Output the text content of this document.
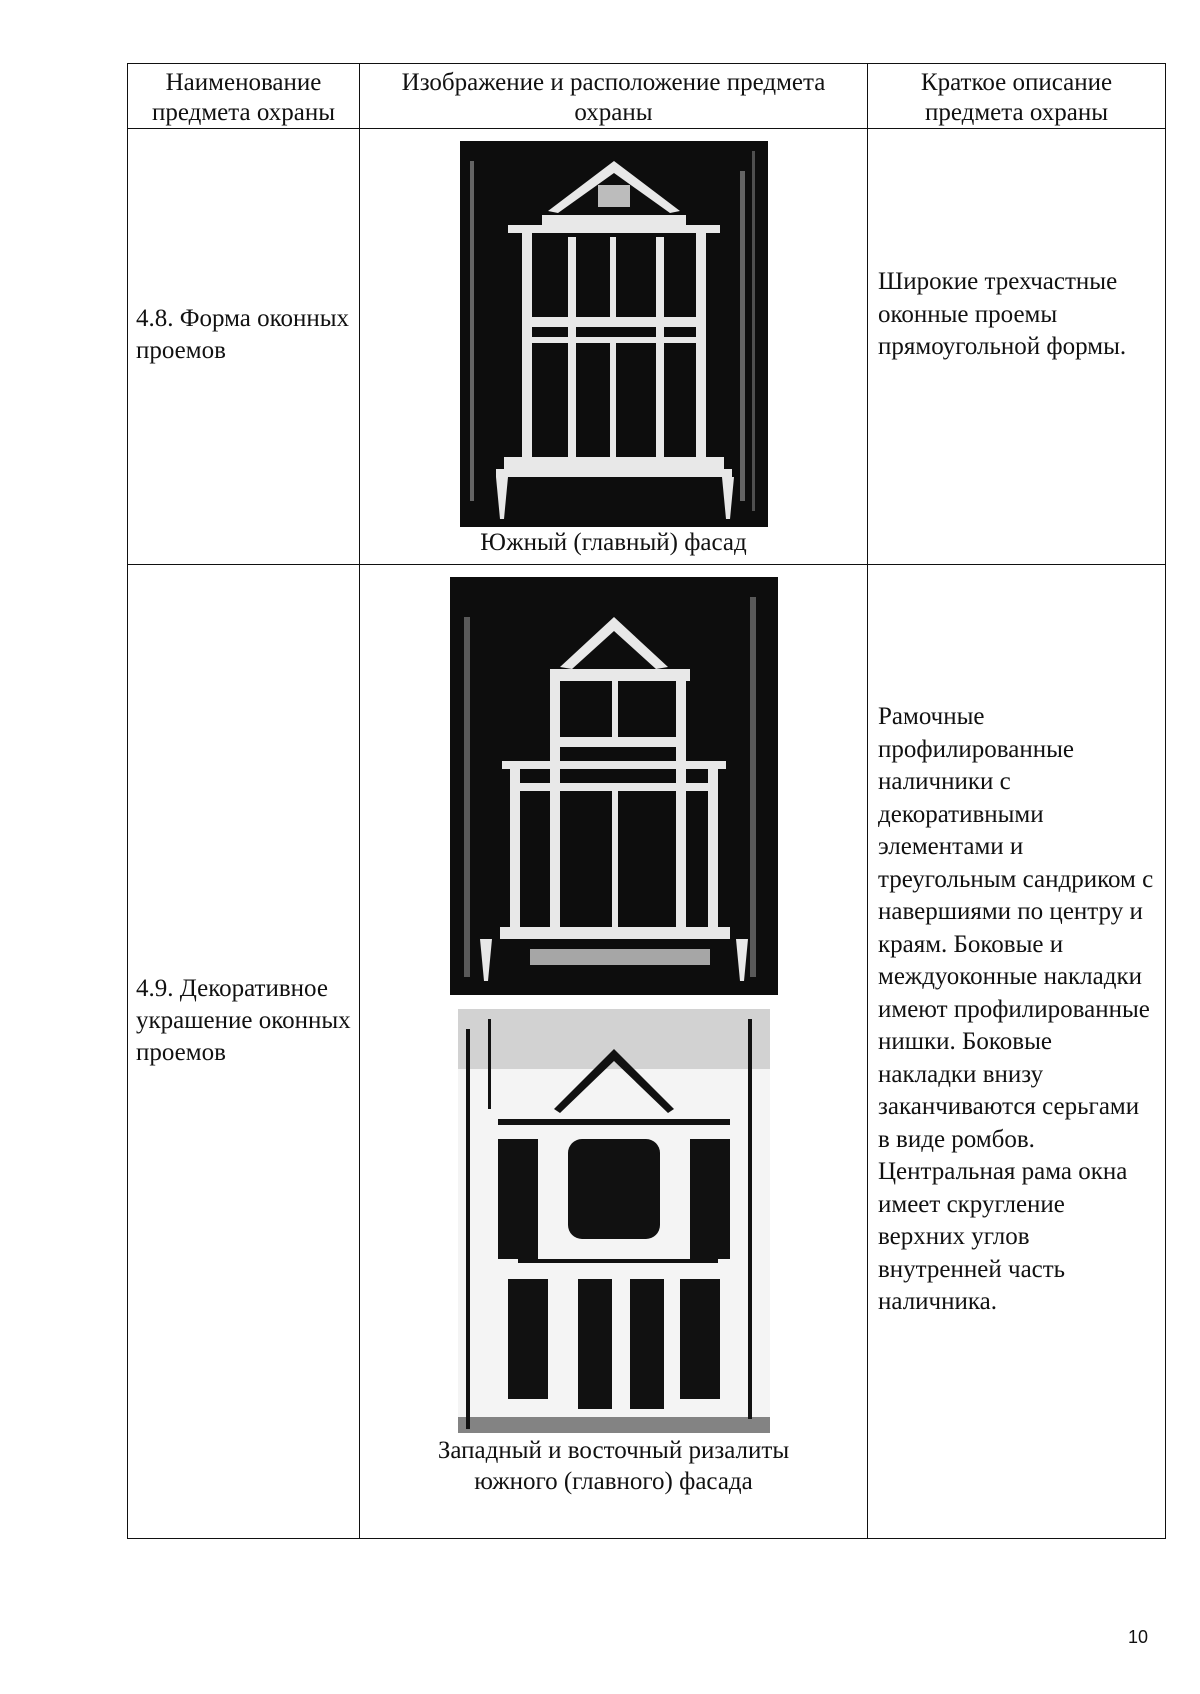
Наименование предмета охраны	Изображение и расположение предмета охраны	Краткое описание предмета охраны

4.8. Форма оконных проемов	Южный (главный) фасад	Широкие трехчастные оконные проемы прямоугольной формы.

4.9. Декоративное украшение оконных проемов	Западный и восточный ризалиты южного (главного) фасада	Рамочные профилированные наличники с декоративными элементами и треугольным сандриком с навершиями по центру и краям. Боковые и междуоконные накладки имеют профилированные нишки. Боковые накладки внизу заканчиваются серьгами в виде ромбов. Центральная рама окна имеет скругление верхних углов внутренней часть наличника.
10
